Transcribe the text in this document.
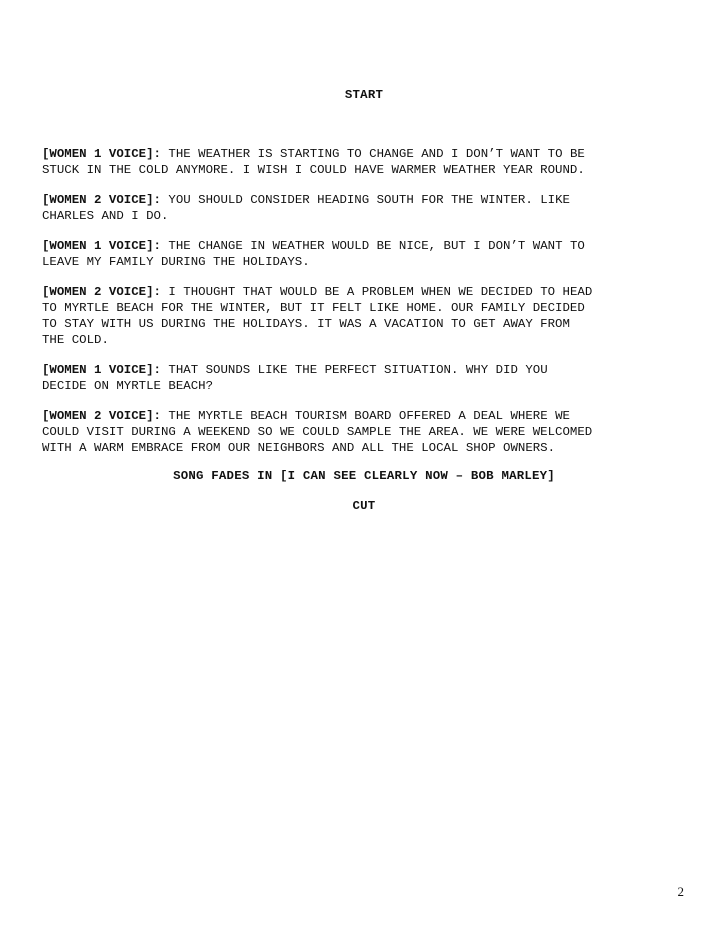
START

[WOMEN 1 VOICE]: THE WEATHER IS STARTING TO CHANGE AND I DON’T WANT TO BE
STUCK IN THE COLD ANYMORE. I WISH I COULD HAVE WARMER WEATHER YEAR ROUND.

[WOMEN 2 VOICE]: YOU SHOULD CONSIDER HEADING SOUTH FOR THE WINTER. LIKE
CHARLES AND I DO.

[WOMEN 1 VOICE]: THE CHANGE IN WEATHER WOULD BE NICE, BUT I DON’T WANT TO
LEAVE MY FAMILY DURING THE HOLIDAYS.

[WOMEN 2 VOICE]: I THOUGHT THAT WOULD BE A PROBLEM WHEN WE DECIDED TO HEAD
TO MYRTLE BEACH FOR THE WINTER, BUT IT FELT LIKE HOME. OUR FAMILY DECIDED
TO STAY WITH US DURING THE HOLIDAYS. IT WAS A VACATION TO GET AWAY FROM
THE COLD.

[WOMEN 1 VOICE]: THAT SOUNDS LIKE THE PERFECT SITUATION. WHY DID YOU
DECIDE ON MYRTLE BEACH?

[WOMEN 2 VOICE]: THE MYRTLE BEACH TOURISM BOARD OFFERED A DEAL WHERE WE
COULD VISIT DURING A WEEKEND SO WE COULD SAMPLE THE AREA. WE WERE WELCOMED
WITH A WARM EMBRACE FROM OUR NEIGHBORS AND ALL THE LOCAL SHOP OWNERS.

SONG FADES IN [I CAN SEE CLEARLY NOW – BOB MARLEY]
CUT
2
